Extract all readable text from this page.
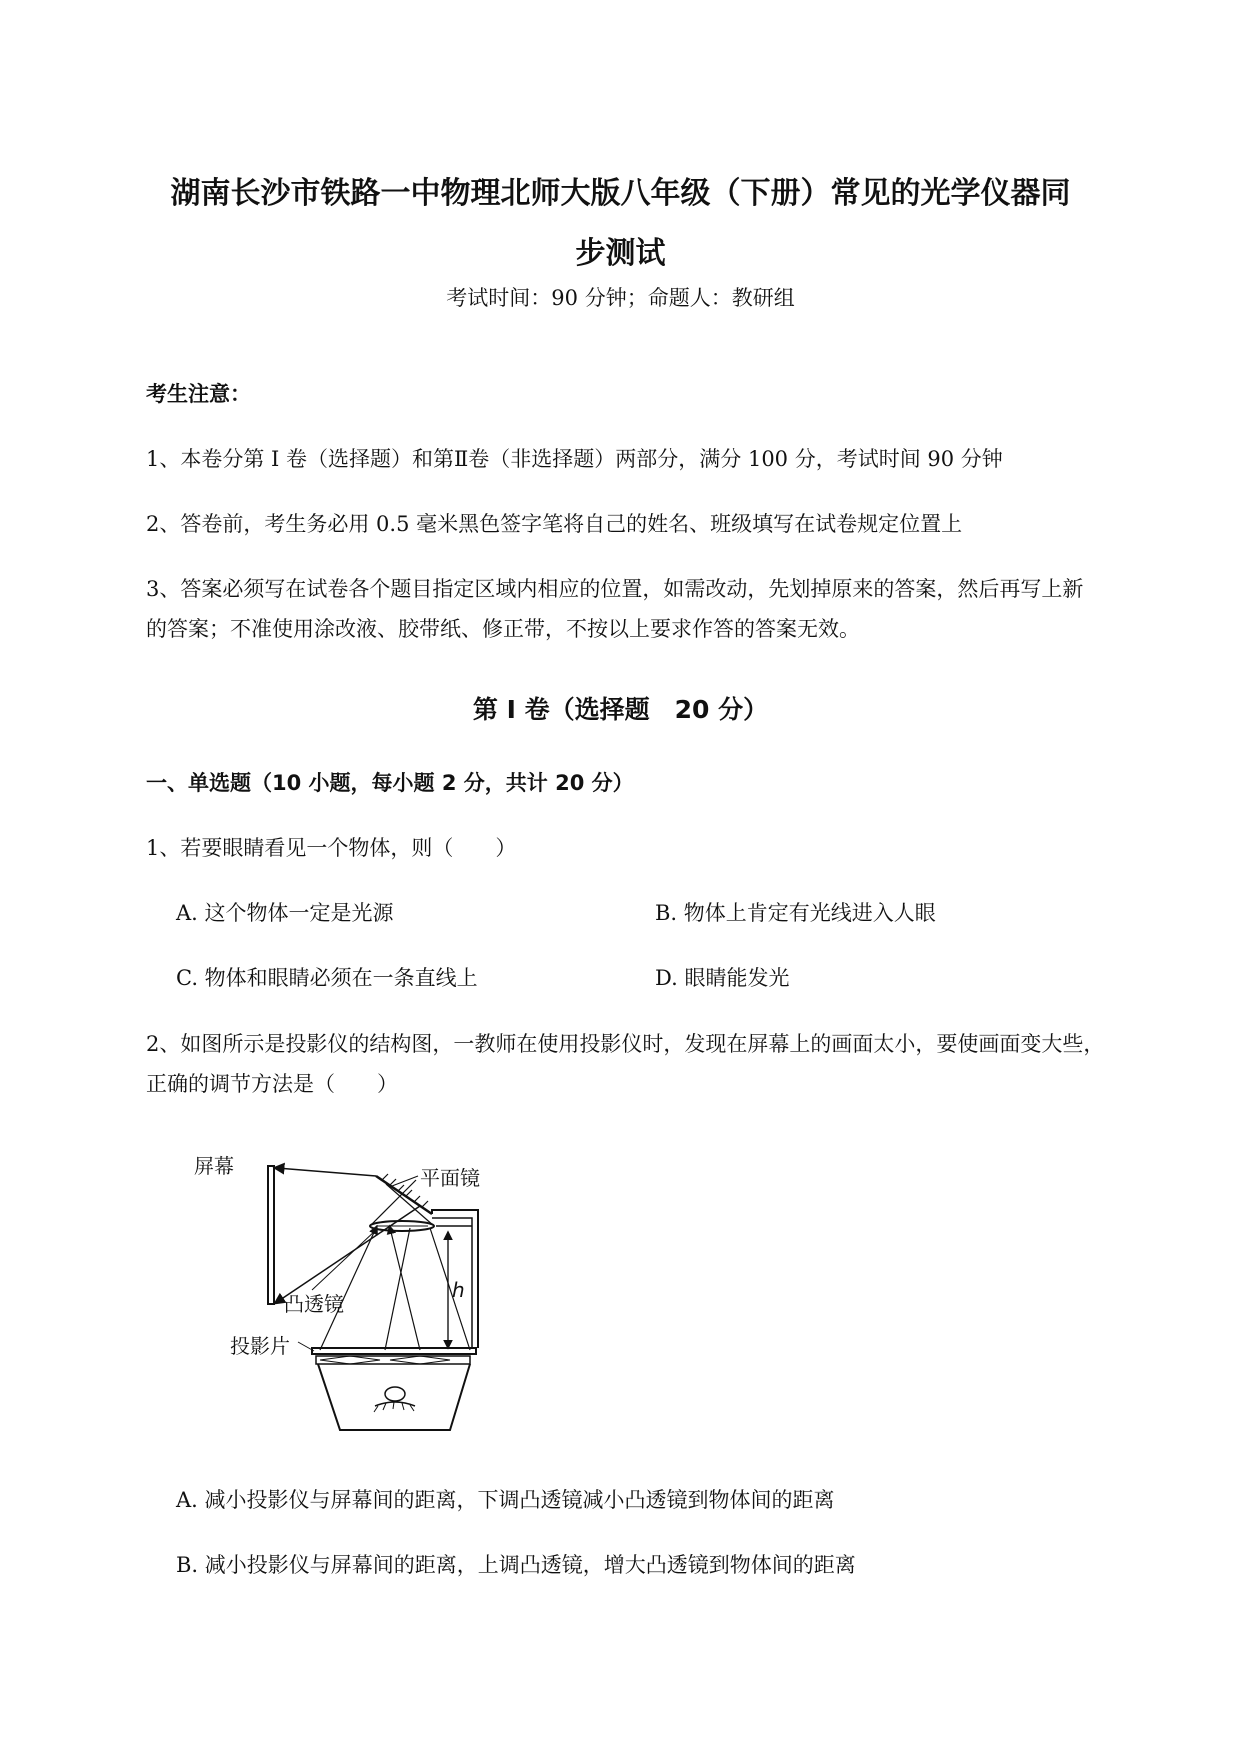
湖南长沙市铁路一中物理北师大版八年级（下册）常见的光学仪器同
步测试
考试时间：90 分钟；命题人：教研组
考生注意：
1、本卷分第 I 卷（选择题）和第Ⅱ卷（非选择题）两部分，满分 100 分，考试时间 90 分钟
2、答卷前，考生务必用 0.5 毫米黑色签字笔将自己的姓名、班级填写在试卷规定位置上
3、答案必须写在试卷各个题目指定区域内相应的位置，如需改动，先划掉原来的答案，然后再写上新
的答案；不准使用涂改液、胶带纸、修正带，不按以上要求作答的答案无效。
第 I 卷（选择题　20 分）
一、单选题（10 小题，每小题 2 分，共计 20 分）
1、若要眼睛看见一个物体，则（　　）
A. 这个物体一定是光源	B. 物体上肯定有光线进入人眼
C. 物体和眼睛必须在一条直线上	D. 眼睛能发光
2、如图所示是投影仪的结构图，一教师在使用投影仪时，发现在屏幕上的画面太小，要使画面变大些，
正确的调节方法是（　　）
屏幕	平面镜
凸透镜
投影片
h
A. 减小投影仪与屏幕间的距离，下调凸透镜减小凸透镜到物体间的距离
B. 减小投影仪与屏幕间的距离，上调凸透镜，增大凸透镜到物体间的距离
